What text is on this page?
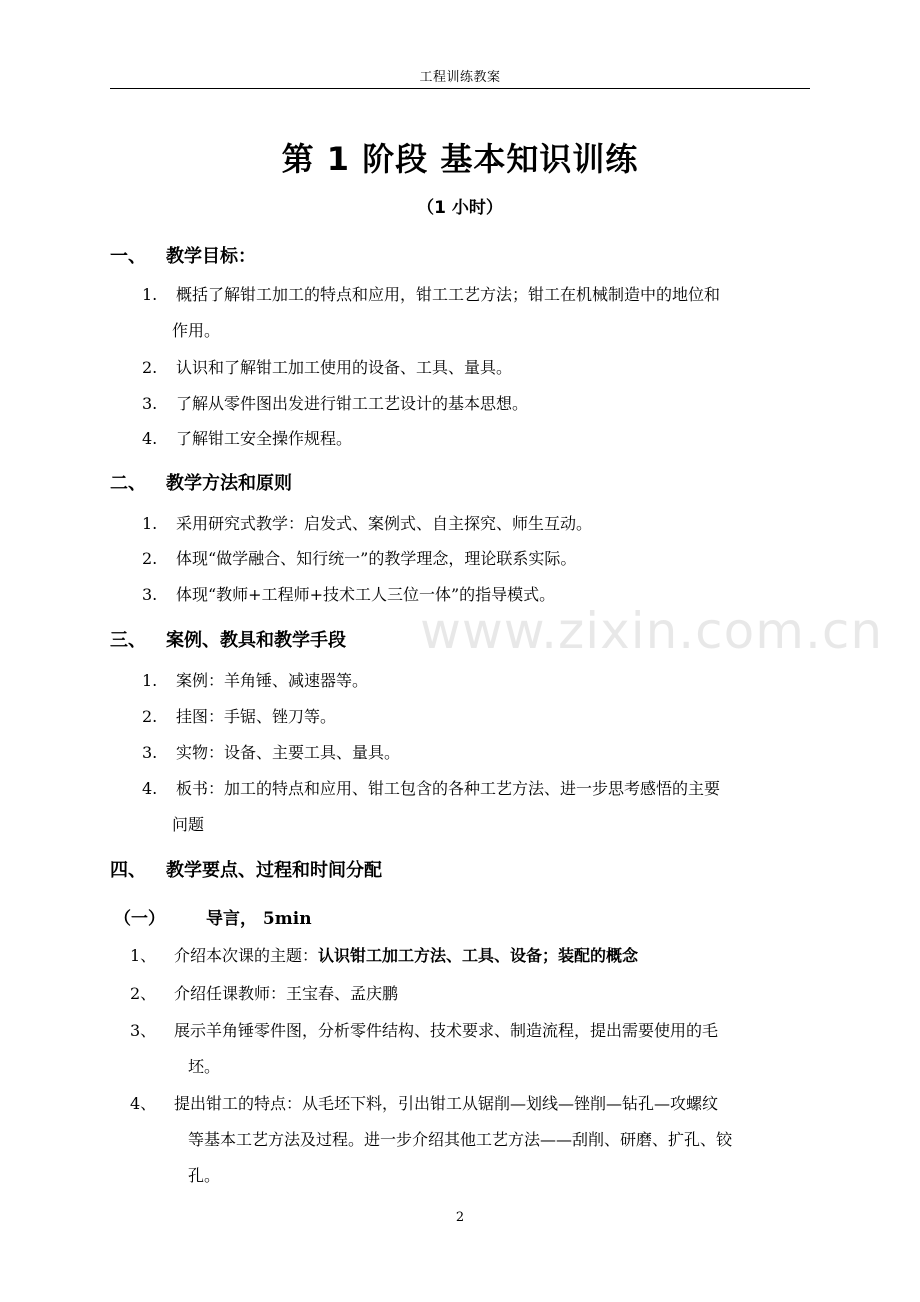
工程训练教案
第 1 阶段 基本知识训练
（1 小时）
一、 教学目标：
1.	概括了解钳工加工的特点和应用，钳工工艺方法；钳工在机械制造中的地位和
作用。
2.	认识和了解钳工加工使用的设备、工具、量具。
3.	了解从零件图出发进行钳工工艺设计的基本思想。
4.	了解钳工安全操作规程。
二、 教学方法和原则
1.	采用研究式教学：启发式、案例式、自主探究、师生互动。
2.	体现“做学融合、知行统一”的教学理念，理论联系实际。
3.	体现“教师+工程师+技术工人三位一体”的指导模式。
www.zixin.com.cn
三、 案例、教具和教学手段
1.	案例：羊角锤、减速器等。
2.	挂图：手锯、锉刀等。
3.	实物：设备、主要工具、量具。
4.	板书：加工的特点和应用、钳工包含的各种工艺方法、进一步思考感悟的主要
问题
四、 教学要点、过程和时间分配
（一） 导言， 5min
1、	介绍本次课的主题：认识钳工加工方法、工具、设备；装配的概念
2、	介绍任课教师：王宝春、孟庆鹏
3、	展示羊角锤零件图，分析零件结构、技术要求、制造流程，提出需要使用的毛
坯。
4、	提出钳工的特点：从毛坯下料，引出钳工从锯削—划线—锉削—钻孔—攻螺纹
等基本工艺方法及过程。进一步介绍其他工艺方法——刮削、研磨、扩孔、铰
孔。
2
